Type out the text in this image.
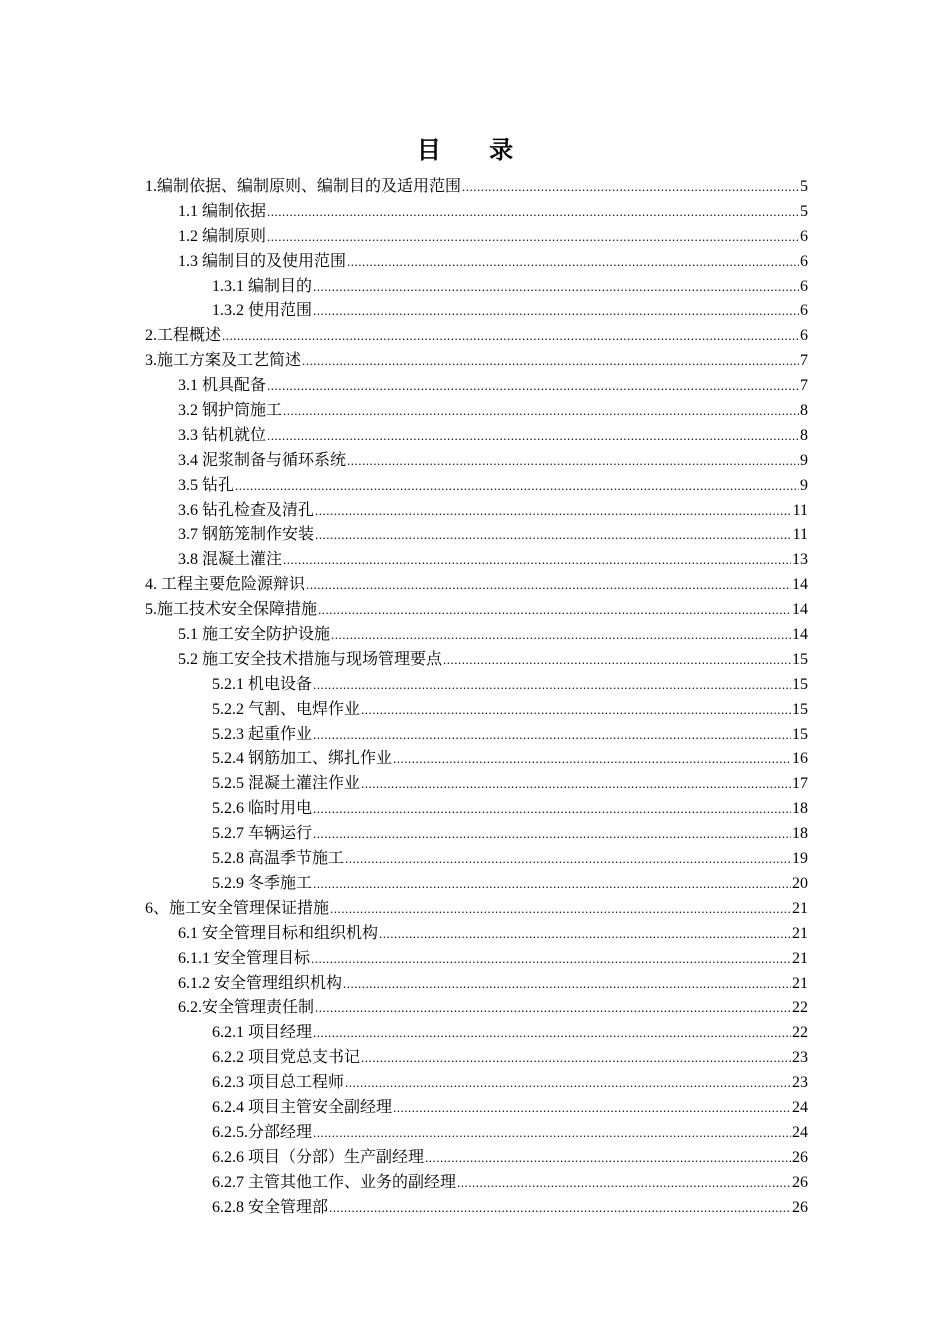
目 录
1.编制依据、编制原则、编制目的及适用范围 .....	5
1.1 编制依据 .....	5
1.2 编制原则 .....	6
1.3 编制目的及使用范围 .....	6
1.3.1 编制目的 .....	6
1.3.2 使用范围 .....	6
2.工程概述 .....	6
3.施工方案及工艺简述 .....	7
3.1 机具配备 .....	7
3.2 钢护筒施工 .....	8
3.3 钻机就位 .....	8
3.4 泥浆制备与循环系统 .....	9
3.5 钻孔 .....	9
3.6 钻孔检查及清孔 .....	11
3.7 钢筋笼制作安装 .....	11
3.8 混凝土灌注 .....	13
4. 工程主要危险源辩识 .....	14
5.施工技术安全保障措施 .....	14
5.1 施工安全防护设施 .....	14
5.2 施工安全技术措施与现场管理要点 .....	15
5.2.1 机电设备 .....	15
5.2.2 气割、电焊作业 .....	15
5.2.3 起重作业 .....	15
5.2.4 钢筋加工、绑扎作业 .....	16
5.2.5 混凝土灌注作业 .....	17
5.2.6 临时用电 .....	18
5.2.7 车辆运行 .....	18
5.2.8 高温季节施工 .....	19
5.2.9 冬季施工 .....	20
6、施工安全管理保证措施 .....	21
6.1 安全管理目标和组织机构 .....	21
6.1.1 安全管理目标 .....	21
6.1.2 安全管理组织机构 .....	21
6.2.安全管理责任制 .....	22
6.2.1 项目经理 .....	22
6.2.2 项目党总支书记 .....	23
6.2.3 项目总工程师 .....	23
6.2.4 项目主管安全副经理 .....	24
6.2.5.分部经理 .....	24
6.2.6 项目（分部）生产副经理 .....	26
6.2.7 主管其他工作、业务的副经理 .....	26
6.2.8 安全管理部 .....	26
